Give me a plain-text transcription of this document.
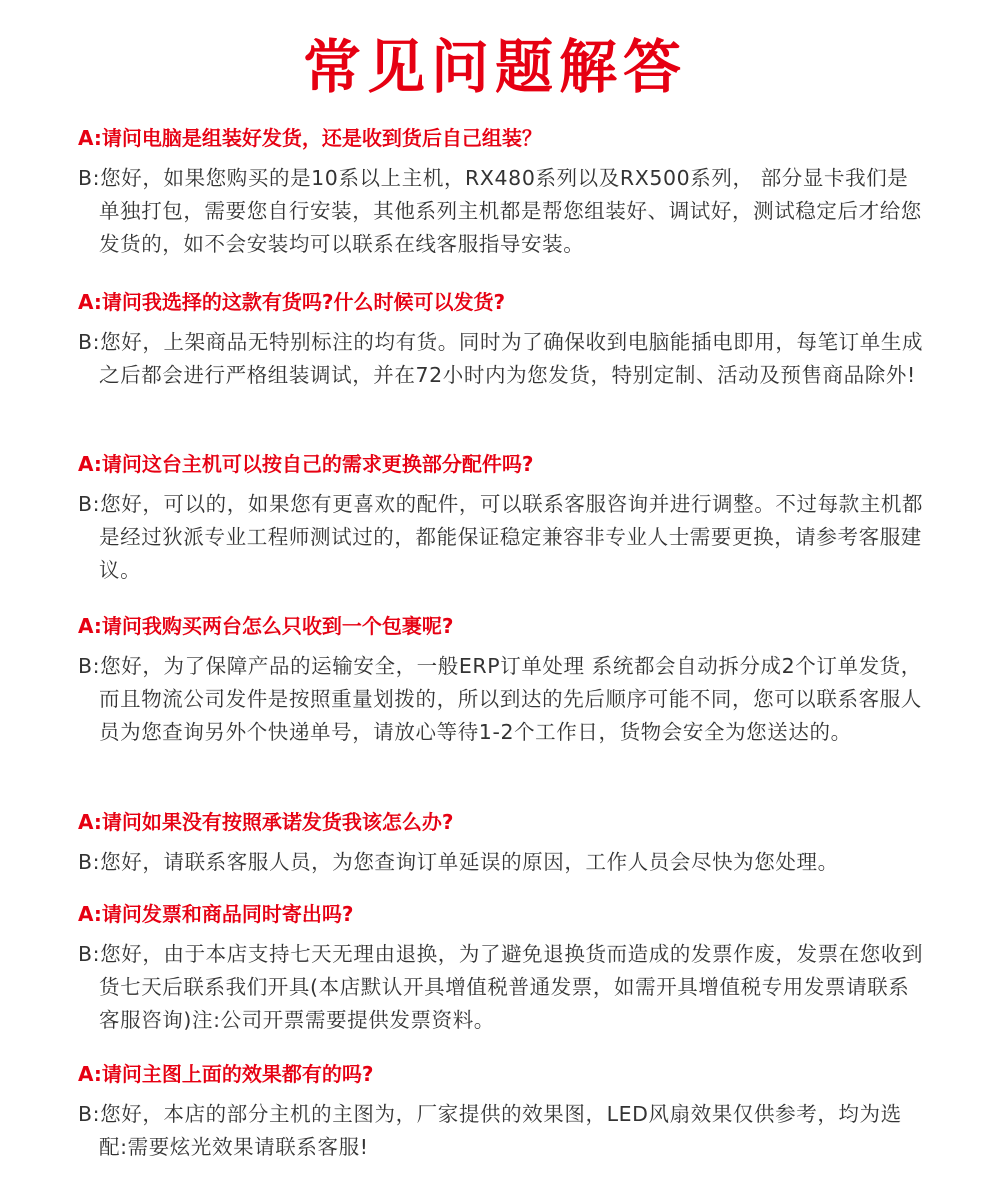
常见问题解答

A:请问电脑是组装好发货，还是收到货后自己组装？

B:您好，如果您购买的是10系以上主机，RX480系列以及RX500系列， 部分显卡我们是单独打包，需要您自行安装，其他系列主机都是帮您组装好、调试好，测试稳定后才给您发货的，如不会安装均可以联系在线客服指导安装。

A:请问我选择的这款有货吗?什么时候可以发货?

B:您好，上架商品无特别标注的均有货。同时为了确保收到电脑能插电即用，每笔订单生成之后都会进行严格组装调试，并在72小时内为您发货，特别定制、活动及预售商品除外!

A:请问这台主机可以按自己的需求更换部分配件吗?

B:您好，可以的，如果您有更喜欢的配件，可以联系客服咨询并进行调整。不过每款主机都是经过狄派专业工程师测试过的，都能保证稳定兼容非专业人士需要更换，请参考客服建议。

A:请问我购买两台怎么只收到一个包裹呢?

B:您好，为了保障产品的运输安全，一般ERP订单处理 系统都会自动拆分成2个订单发货，而且物流公司发件是按照重量划拨的，所以到达的先后顺序可能不同，您可以联系客服人员为您查询另外个快递单号，请放心等待1-2个工作日，货物会安全为您送达的。

A:请问如果没有按照承诺发货我该怎么办?

B:您好，请联系客服人员，为您查询订单延误的原因，工作人员会尽快为您处理。

A:请问发票和商品同时寄出吗?

B:您好，由于本店支持七天无理由退换，为了避免退换货而造成的发票作废，发票在您收到货七天后联系我们开具(本店默认开具增值税普通发票，如需开具增值税专用发票请联系客服咨询)注:公司开票需要提供发票资料。

A:请问主图上面的效果都有的吗?

B:您好，本店的部分主机的主图为，厂家提供的效果图，LED风扇效果仅供参考，均为选配:需要炫光效果请联系客服!
